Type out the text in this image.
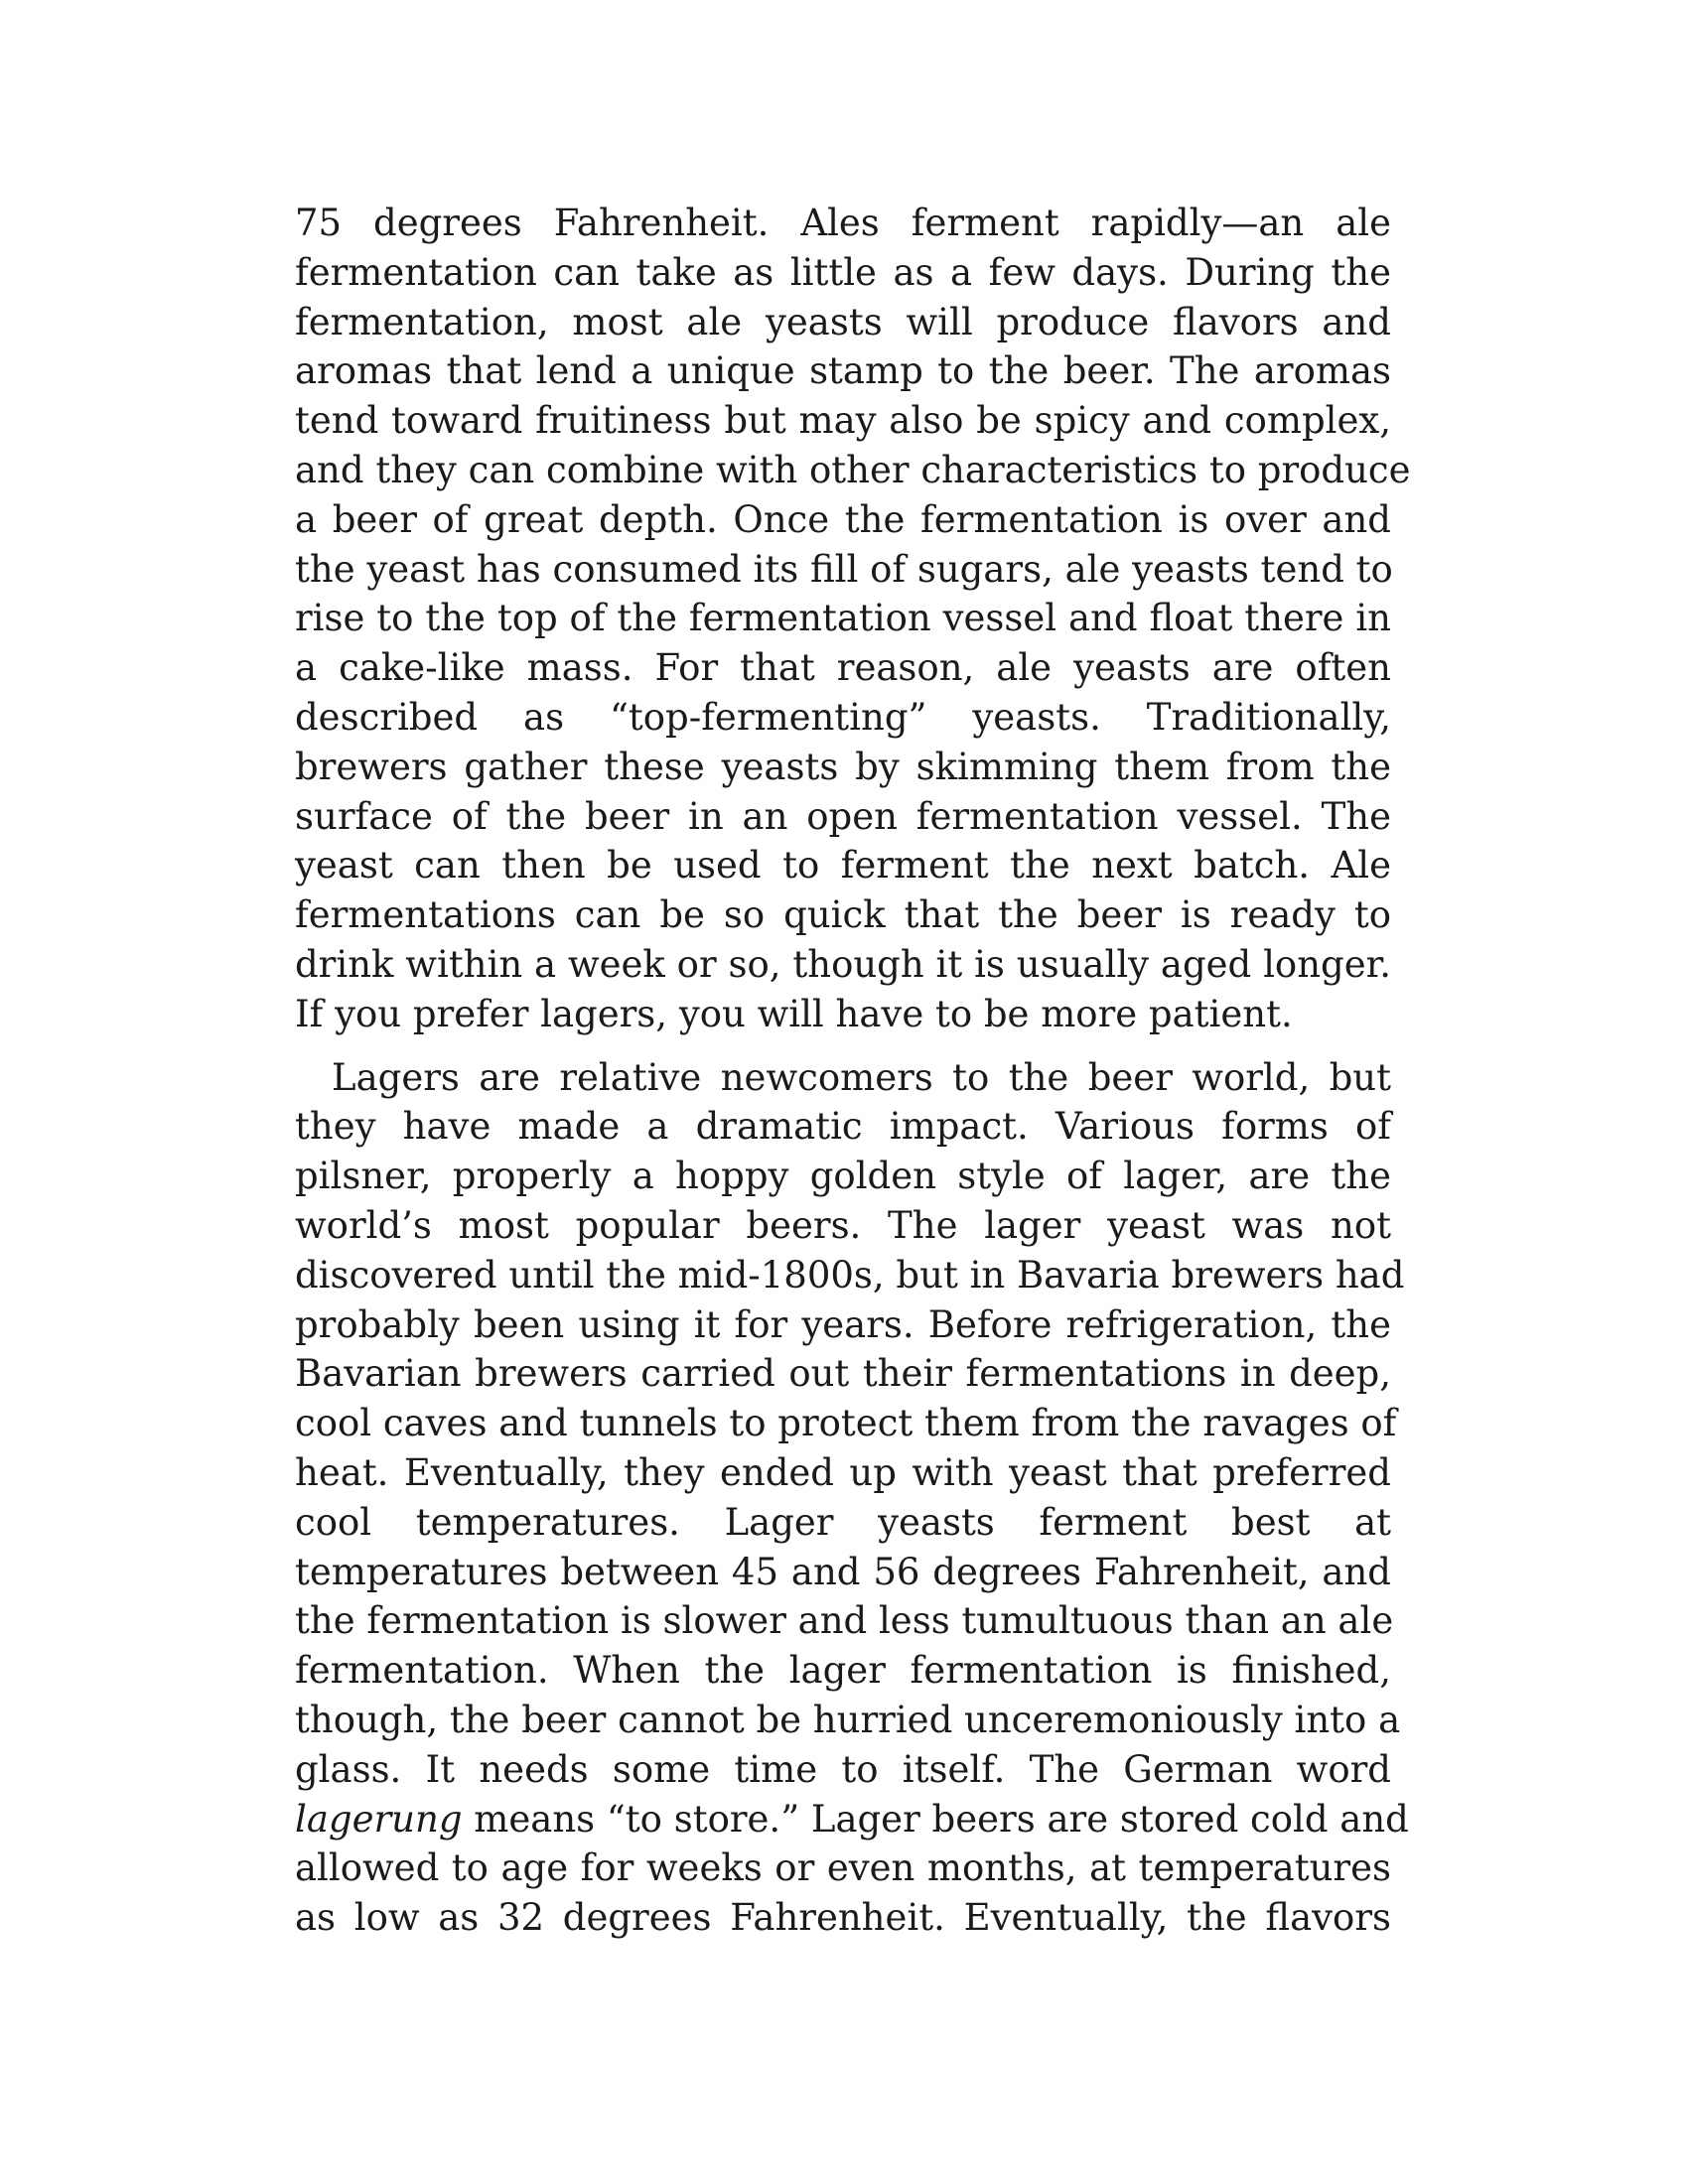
75 degrees Fahrenheit. Ales ferment rapidly—an ale
fermentation can take as little as a few days. During the
fermentation, most ale yeasts will produce flavors and
aromas that lend a unique stamp to the beer. The aromas
tend toward fruitiness but may also be spicy and complex,
and they can combine with other characteristics to produce
a beer of great depth. Once the fermentation is over and
the yeast has consumed its fill of sugars, ale yeasts tend to
rise to the top of the fermentation vessel and float there in
a cake-like mass. For that reason, ale yeasts are often
described as “top-fermenting” yeasts. Traditionally,
brewers gather these yeasts by skimming them from the
surface of the beer in an open fermentation vessel. The
yeast can then be used to ferment the next batch. Ale
fermentations can be so quick that the beer is ready to
drink within a week or so, though it is usually aged longer.
If you prefer lagers, you will have to be more patient.
Lagers are relative newcomers to the beer world, but
they have made a dramatic impact. Various forms of
pilsner, properly a hoppy golden style of lager, are the
world’s most popular beers. The lager yeast was not
discovered until the mid-1800s, but in Bavaria brewers had
probably been using it for years. Before refrigeration, the
Bavarian brewers carried out their fermentations in deep,
cool caves and tunnels to protect them from the ravages of
heat. Eventually, they ended up with yeast that preferred
cool temperatures. Lager yeasts ferment best at
temperatures between 45 and 56 degrees Fahrenheit, and
the fermentation is slower and less tumultuous than an ale
fermentation. When the lager fermentation is finished,
though, the beer cannot be hurried unceremoniously into a
glass. It needs some time to itself. The German word
lagerung means “to store.” Lager beers are stored cold and
allowed to age for weeks or even months, at temperatures
as low as 32 degrees Fahrenheit. Eventually, the flavors
